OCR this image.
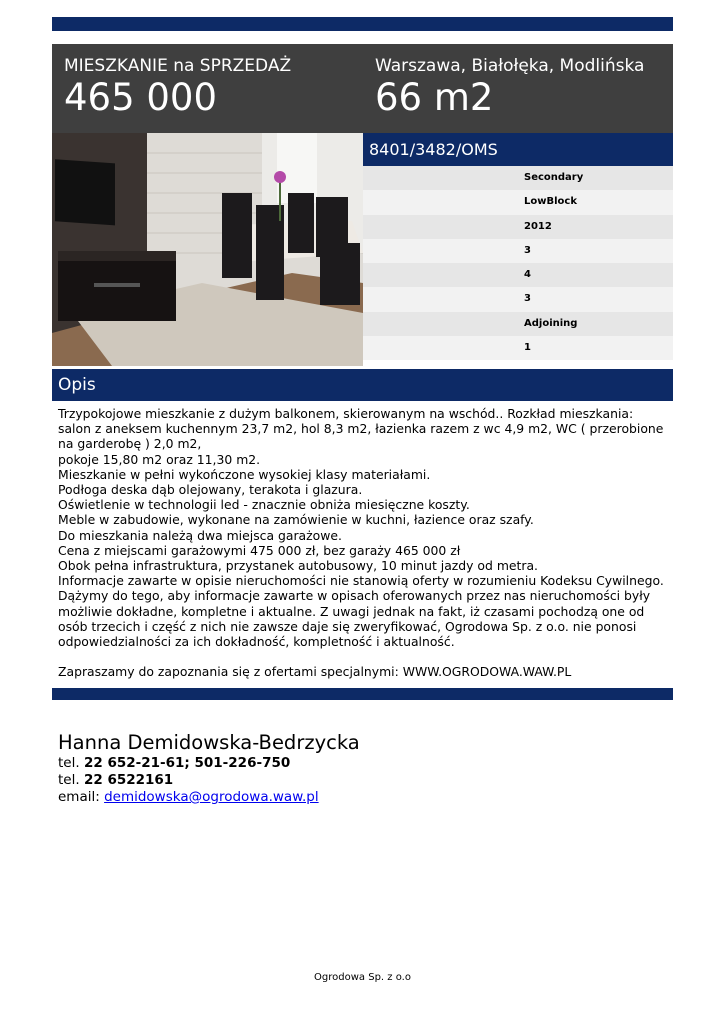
MIESZKANIE na SPRZEDAŻ
465 000
Warszawa, Białołęka, Modlińska
66 m2
8401/3482/OMS
Secondary
LowBlock
2012
3
4
3
Adjoining
1
Opis
Trzypokojowe mieszkanie z dużym balkonem, skierowanym na wschód.. Rozkład mieszkania:
salon z aneksem kuchennym 23,7 m2, hol 8,3 m2, łazienka razem z wc 4,9 m2, WC ( przerobione
na garderobę ) 2,0 m2,
pokoje 15,80 m2 oraz 11,30 m2.
Mieszkanie w pełni wykończone wysokiej klasy materiałami.
Podłoga deska dąb olejowany, terakota i glazura.
Oświetlenie w technologii led - znacznie obniża miesięczne koszty.
Meble w zabudowie, wykonane na zamówienie w kuchni, łazience oraz szafy.
Do mieszkania należą dwa miejsca garażowe.
Cena z miejscami garażowymi 475 000 zł, bez garaży 465 000 zł
Obok pełna infrastruktura, przystanek autobusowy, 10 minut jazdy od metra.
Informacje zawarte w opisie nieruchomości nie stanowią oferty w rozumieniu Kodeksu Cywilnego.
Dążymy do tego, aby informacje zawarte w opisach oferowanych przez nas nieruchomości były
możliwie dokładne, kompletne i aktualne. Z uwagi jednak na fakt, iż czasami pochodzą one od
osób trzecich i część z nich nie zawsze daje się zweryfikować, Ogrodowa Sp. z o.o. nie ponosi
odpowiedzialności za ich dokładność, kompletność i aktualność.
Zapraszamy do zapoznania się z ofertami specjalnymi: WWW.OGRODOWA.WAW.PL
Hanna Demidowska-Bedrzycka
tel. 22 652-21-61; 501-226-750
tel. 22 6522161
email: demidowska@ogrodowa.waw.pl
Ogrodowa Sp. z o.o
